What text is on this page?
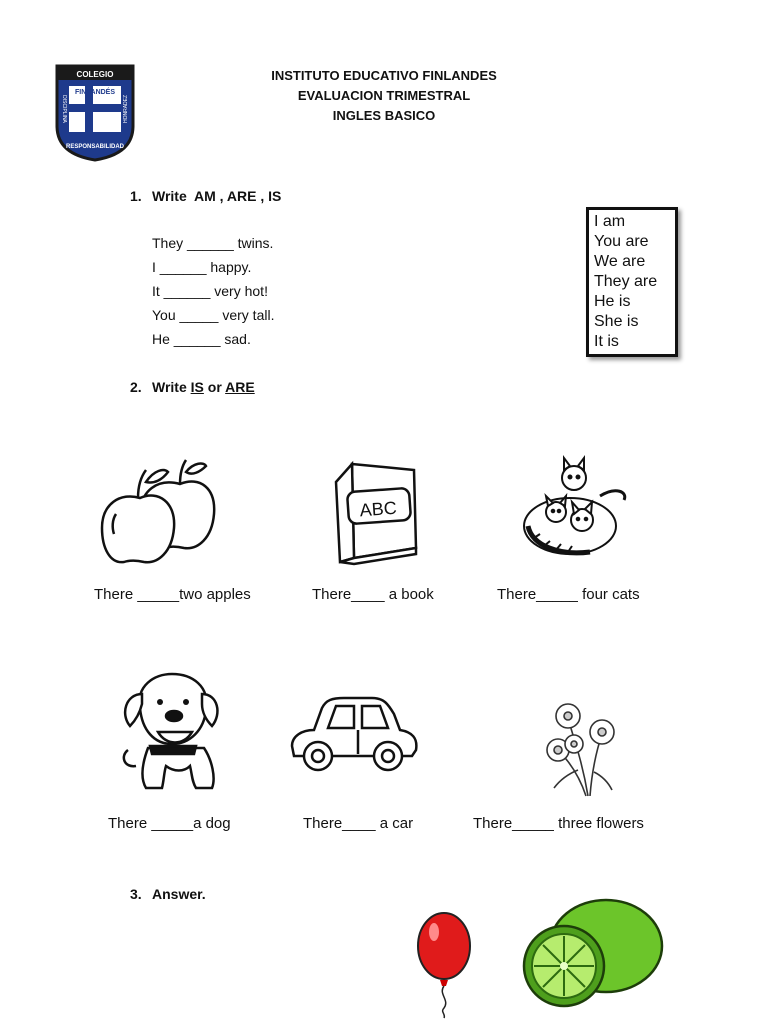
COLEGIO
FINLANDÉS
DISCIPLINA	HONRADEZ
RESPONSABILIDAD
INSTITUTO EDUCATIVO FINLANDES
EVALUACION TRIMESTRAL
INGLES BASICO
1. Write  AM , ARE , IS
They ______ twins.
I ______ happy.
It ______ very hot!
You _____ very tall.
He ______ sad.
I am
You are
We are
They are
He is
She is
It is
2. Write IS or ARE
There _____two apples
ABC
There____ a book	There_____ four cats
There _____a dog	There____ a car	There_____ three flowers
3. Answer.
